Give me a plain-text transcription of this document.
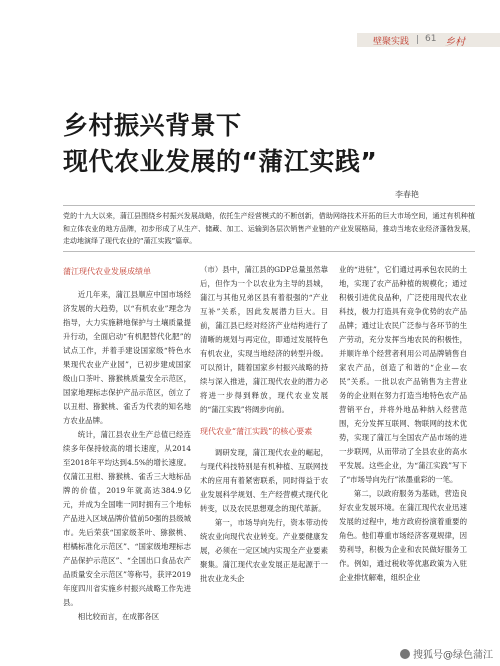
壁聚实践 61 乡村
乡村振兴背景下
现代农业发展的“蒲江实践”
李春艳
党的十九大以来，蒲江县围绕乡村振兴发展战略，依托生产经营模式的不断创新，借助网络技术开拓的巨大市场空间，通过有机种植和立体农业的地方品牌，初步形成了从生产、储藏、加工、运输到各层次销售产业链的产业发展格局，推动当地农业经济蓬勃发展，走动地演绎了现代农业的“蒲江实践”篇章。
蒲江现代农业发展成绩单

近几年来，蒲江县顺应中国市场经济发展的大趋势，以“有机农业”理念为指导，大力实施耕地保护与土壤质量提升行动，全面启动“有机肥替代化肥”的试点工作，并着手建设国家级“特色水果现代农业产业园”，已初步建成国家级山口茶叶、猕猴桃质量安全示范区，国家地理标志保护产品示范区，创立了以丑柑、猕猴桃、雀舌为代表的知名地方农业品牌。

统计，蒲江县农业生产总值已经连续多年保持较高的增长速度，从2014至2018年平均达到4.5%的增长速度。仅蒲江丑柑、猕猴桃、雀舌三大地标品牌的价值，2019年就高达384.9亿元，并成为全国唯一同时拥有三个地标产品进入区域品牌价值前50强的县级城市。先后荣获“国家级茶叶、猕猴桃、柑橘标准化示范区”、“国家级地理标志产品保护示范区”、“全国出口食品农产品质量安全示范区”等称号，获评2019年度四川省实施乡村振兴战略工作先进县。

相比较而言，在成都各区

（市）县中，蒲江县的GDP总量虽然靠后，但作为一个以农业为主导的县城，蒲江与其他兄弟区县有着很强的“产业互补”关系，因此发展潜力巨大。目前，蒲江县已经对经济产业结构进行了清晰的规划与再定位，即通过发展特色有机农业，实现当地经济的转型升级。可以预计，随着国家乡村振兴战略的持续与深入推进，蒲江现代农业的潜力必将进一步得到释放，现代农业发展的“蒲江实践”将阔步向前。

现代农业“蒲江实践”的核心要素

调研发现，蒲江现代农业的崛起，与现代科技特别是有机种植、互联网技术的应用有着紧密联系，同时得益于农业发展科学规划、生产经营模式现代化转变，以及农民思想观念的现代革新。

第一，市场导向先行，资本带动传统农业向现代农业转变。产业要健康发展，必须在一定区域内实现全产业要素聚集。蒲江现代农业发展正是起源于一批农业龙头企

业的“进驻”，它们通过再承包农民的土地，实现了农产品种植的规模化；通过积极引进优良品种，广泛使用现代农业科技，极力打造具有竞争优势的农产品品牌；通过让农民广泛参与各环节的生产劳动，充分发挥当地农民的积极性，并顺许单个经营者利用公司品牌销售自家农产品，创造了和谐的“企业—农民”关系。一批以农产品销售为主营业务的企业则在努力打造当地特色农产品营销平台，并将外地品种纳入经营范围，充分发挥互联网、物联网的技术优势，实现了蒲江与全国农产品市场的进一步联网，从而带动了全县农业的高水平发展。这些企业，为“蒲江实践”写下了“市场导向先行”浓墨重彩的一笔。

第二，以政府服务为基础，营造良好农业发展环境。在蒲江现代农业迅速发展的过程中，地方政府扮演着重要的角色。他们尊重市场经济客观规律，因势利导，积极为企业和农民做好服务工作。例如，通过税收等优惠政策为入驻企业排忧解难，组织企业

搜狐号@绿色蒲江
